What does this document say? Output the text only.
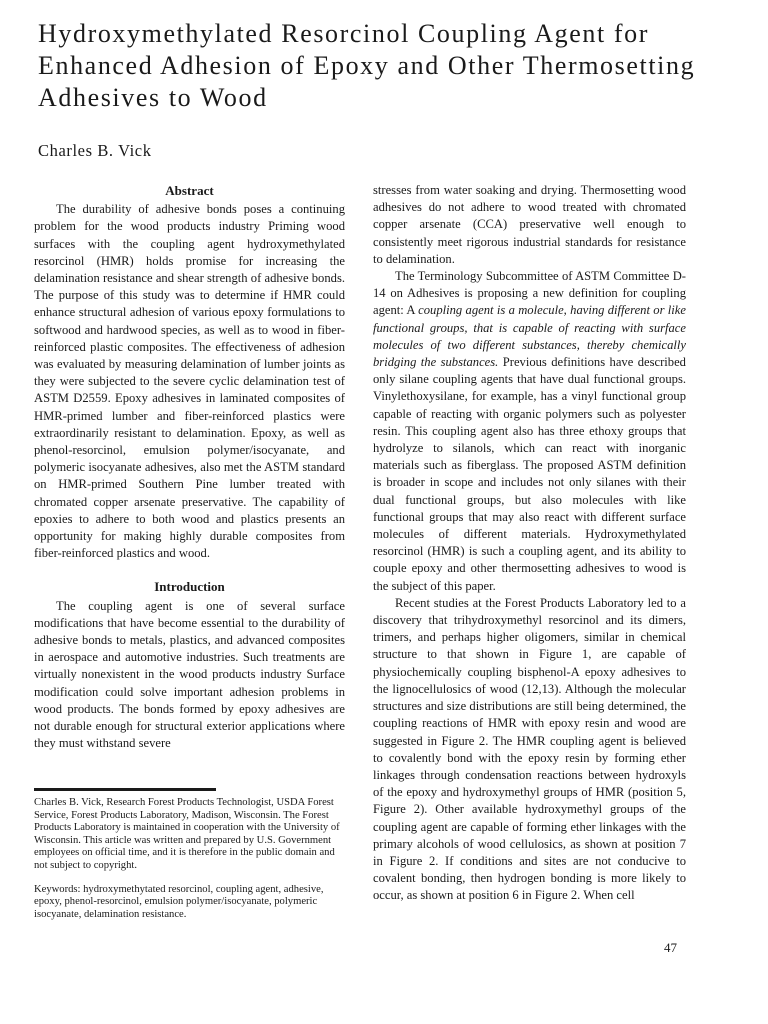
Hydroxymethylated Resorcinol Coupling Agent for Enhanced Adhesion of Epoxy and Other Thermosetting Adhesives to Wood
Charles B. Vick
Abstract

The durability of adhesive bonds poses a continuing problem for the wood products industry Priming wood surfaces with the coupling agent hydroxymethylated resorcinol (HMR) holds promise for increasing the delamination resistance and shear strength of adhesive bonds. The purpose of this study was to determine if HMR could enhance structural adhesion of various epoxy formulations to softwood and hardwood species, as well as to wood in fiber-reinforced plastic composites. The effectiveness of adhesion was evaluated by measuring delamination of lumber joints as they were subjected to the severe cyclic delamination test of ASTM D2559. Epoxy adhesives in laminated composites of HMR-primed lumber and fiber-reinforced plastics were extraordinarily resistant to delamination. Epoxy, as well as phenol-resorcinol, emulsion polymer/isocyanate, and polymeric isocyanate adhesives, also met the ASTM standard on HMR-primed Southern Pine lumber treated with chromated copper arsenate preservative. The capability of epoxies to adhere to both wood and plastics presents an opportunity for making highly durable composites from fiber-reinforced plastics and wood.

Introduction

The coupling agent is one of several surface modifications that have become essential to the durability of adhesive bonds to metals, plastics, and advanced composites in aerospace and automotive industries. Such treatments are virtually nonexistent in the wood products industry Surface modification could solve important adhesion problems in wood products. The bonds formed by epoxy adhesives are not durable enough for structural exterior applications where they must withstand severe

Charles B. Vick, Research Forest Products Technologist, USDA Forest Service, Forest Products Laboratory, Madison, Wisconsin. The Forest Products Laboratory is maintained in cooperation with the University of Wisconsin. This article was written and prepared by U.S. Government employees on official time, and it is therefore in the public domain and not subject to copyright.

Keywords: hydroxymethytated resorcinol, coupling agent, adhesive, epoxy, phenol-resorcinol, emulsion polymer/isocyanate, polymeric isocyanate, delamination resistance.

stresses from water soaking and drying. Thermosetting wood adhesives do not adhere to wood treated with chromated copper arsenate (CCA) preservative well enough to consistently meet rigorous industrial standards for resistance to delamination.

The Terminology Subcommittee of ASTM Committee D-14 on Adhesives is proposing a new definition for coupling agent: A coupling agent is a molecule, having different or like functional groups, that is capable of reacting with surface molecules of two different substances, thereby chemically bridging the substances. Previous definitions have described only silane coupling agents that have dual functional groups. Vinylethoxysilane, for example, has a vinyl functional group capable of reacting with organic polymers such as polyester resin. This coupling agent also has three ethoxy groups that hydrolyze to silanols, which can react with inorganic materials such as fiberglass. The proposed ASTM definition is broader in scope and includes not only silanes with their dual functional groups, but also molecules with like functional groups that may also react with different surface molecules of different materials. Hydroxymethylated resorcinol (HMR) is such a coupling agent, and its ability to couple epoxy and other thermosetting adhesives to wood is the subject of this paper.

Recent studies at the Forest Products Laboratory led to a discovery that trihydroxymethyl resorcinol and its dimers, trimers, and perhaps higher oligomers, similar in chemical structure to that shown in Figure 1, are capable of physiochemically coupling bisphenol-A epoxy adhesives to the lignocellulosics of wood (12,13). Although the molecular structures and size distributions are still being determined, the coupling reactions of HMR with epoxy resin and wood are suggested in Figure 2. The HMR coupling agent is believed to covalently bond with the epoxy resin by forming ether linkages through condensation reactions between hydroxyls of the epoxy and hydroxymethyl groups of HMR (position 5, Figure 2). Other available hydroxymethyl groups of the coupling agent are capable of forming ether linkages with the primary alcohols of wood cellulosics, as shown at position 7 in Figure 2. If conditions and sites are not conducive to covalent bonding, then hydrogen bonding is more likely to occur, as shown at position 6 in Figure 2. When cell

47
